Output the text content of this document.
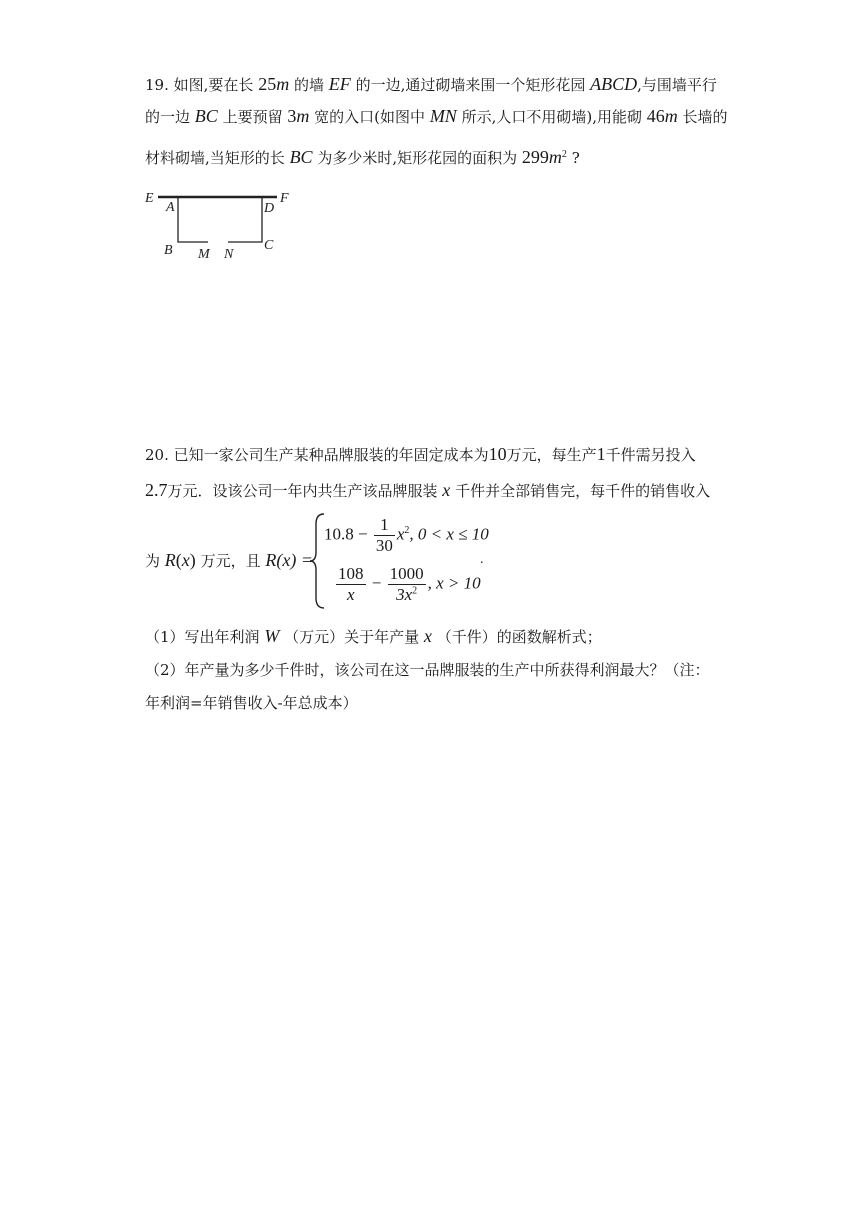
19. 如图,要在长 25m 的墙 EF 的一边,通过砌墙来围一个矩形花园 ABCD,与围墙平行
的一边 BC 上要预留 3m 宽的入口(如图中 MN 所示,人口不用砌墙),用能砌 46m 长墙的
材料砌墙,当矩形的长 BC 为多少米时,矩形花园的面积为 $299m^2$ ?
E	F
A	D
B	C
M N
20. 已知一家公司生产某种品牌服装的年固定成本为10万元，每生产1千件需另投入
2.7万元．设该公司一年内共生产该品牌服装 x 千件并全部销售完，每千件的销售收入
为 R(x) 万元，且 R(x) =
$10.8 - \frac{1}{30} x^2$, 0 < x ≤ 10
$\frac{108}{x} - \frac{1000}{3x^2}$ , x > 10
.
（1）写出年利润 W （万元）关于年产量 x （千件）的函数解析式；
（2）年产量为多少千件时，该公司在这一品牌服装的生产中所获得利润最大？（注：
年利润=年销售收入-年总成本）
